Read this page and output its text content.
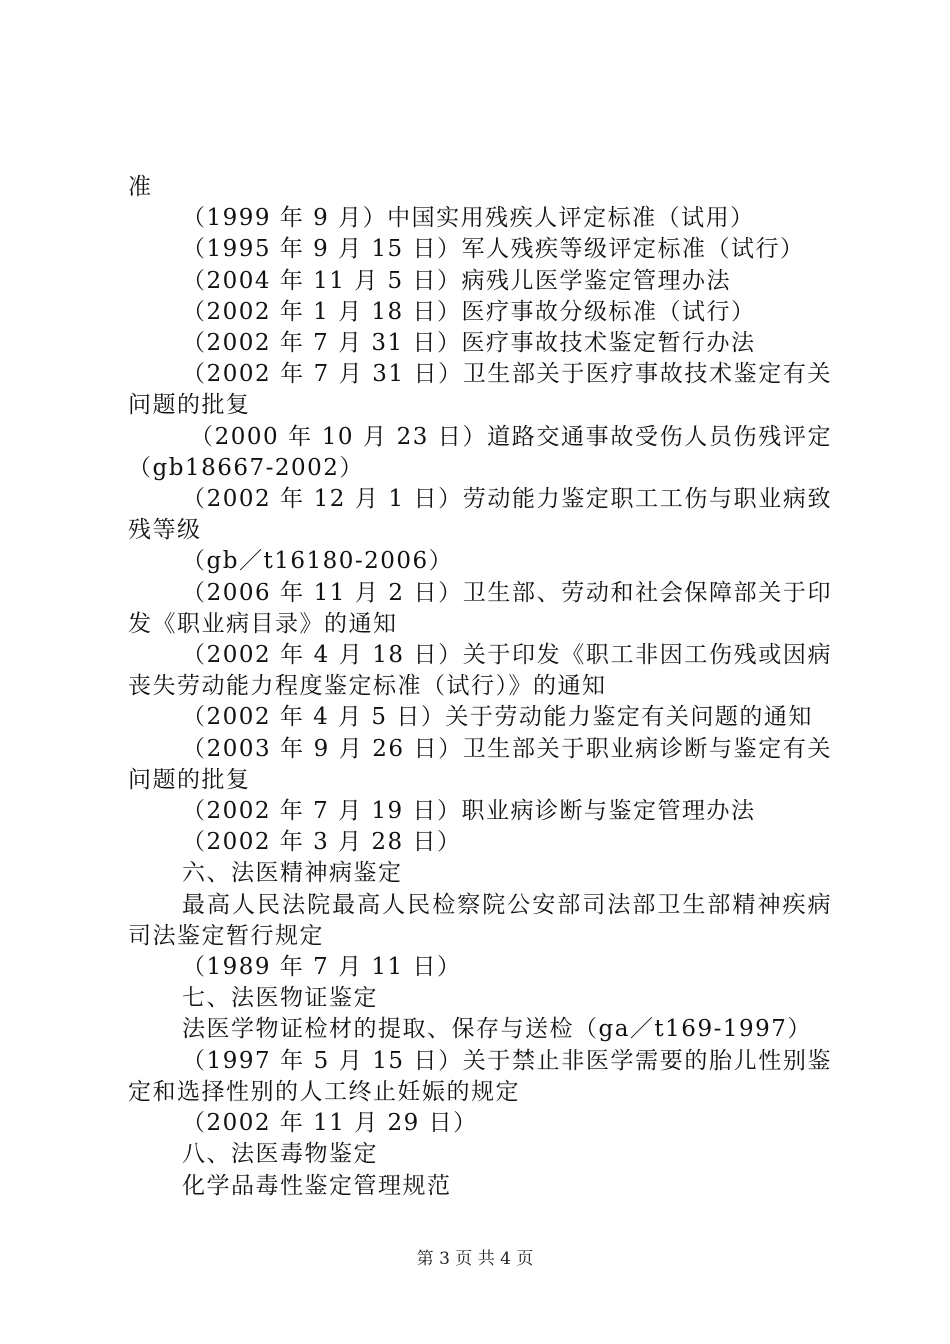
准

（1999 年 9 月）中国实用残疾人评定标准（试用）

（1995 年 9 月 15 日）军人残疾等级评定标准（试行）

（2004 年 11 月 5 日）病残儿医学鉴定管理办法

（2002 年 1 月 18 日）医疗事故分级标准（试行）

（2002 年 7 月 31 日）医疗事故技术鉴定暂行办法

（2002 年 7 月 31 日）卫生部关于医疗事故技术鉴定有关问题的批复

（2000 年 10 月 23 日）道路交通事故受伤人员伤残评定（gb18667-2002）

（2002 年 12 月 1 日）劳动能力鉴定职工工伤与职业病致残等级

（gb／t16180-2006）

（2006 年 11 月 2 日）卫生部、劳动和社会保障部关于印发《职业病目录》的通知

（2002 年 4 月 18 日）关于印发《职工非因工伤残或因病丧失劳动能力程度鉴定标准（试行）》的通知

（2002 年 4 月 5 日）关于劳动能力鉴定有关问题的通知

（2003 年 9 月 26 日）卫生部关于职业病诊断与鉴定有关问题的批复

（2002 年 7 月 19 日）职业病诊断与鉴定管理办法

（2002 年 3 月 28 日）

六、法医精神病鉴定

最高人民法院最高人民检察院公安部司法部卫生部精神疾病司法鉴定暂行规定

（1989 年 7 月 11 日）

七、法医物证鉴定

法医学物证检材的提取、保存与送检（ga／t169-1997）

（1997 年 5 月 15 日）关于禁止非医学需要的胎儿性别鉴定和选择性别的人工终止妊娠的规定

（2002 年 11 月 29 日）

八、法医毒物鉴定

化学品毒性鉴定管理规范

第 3 页 共 4 页
